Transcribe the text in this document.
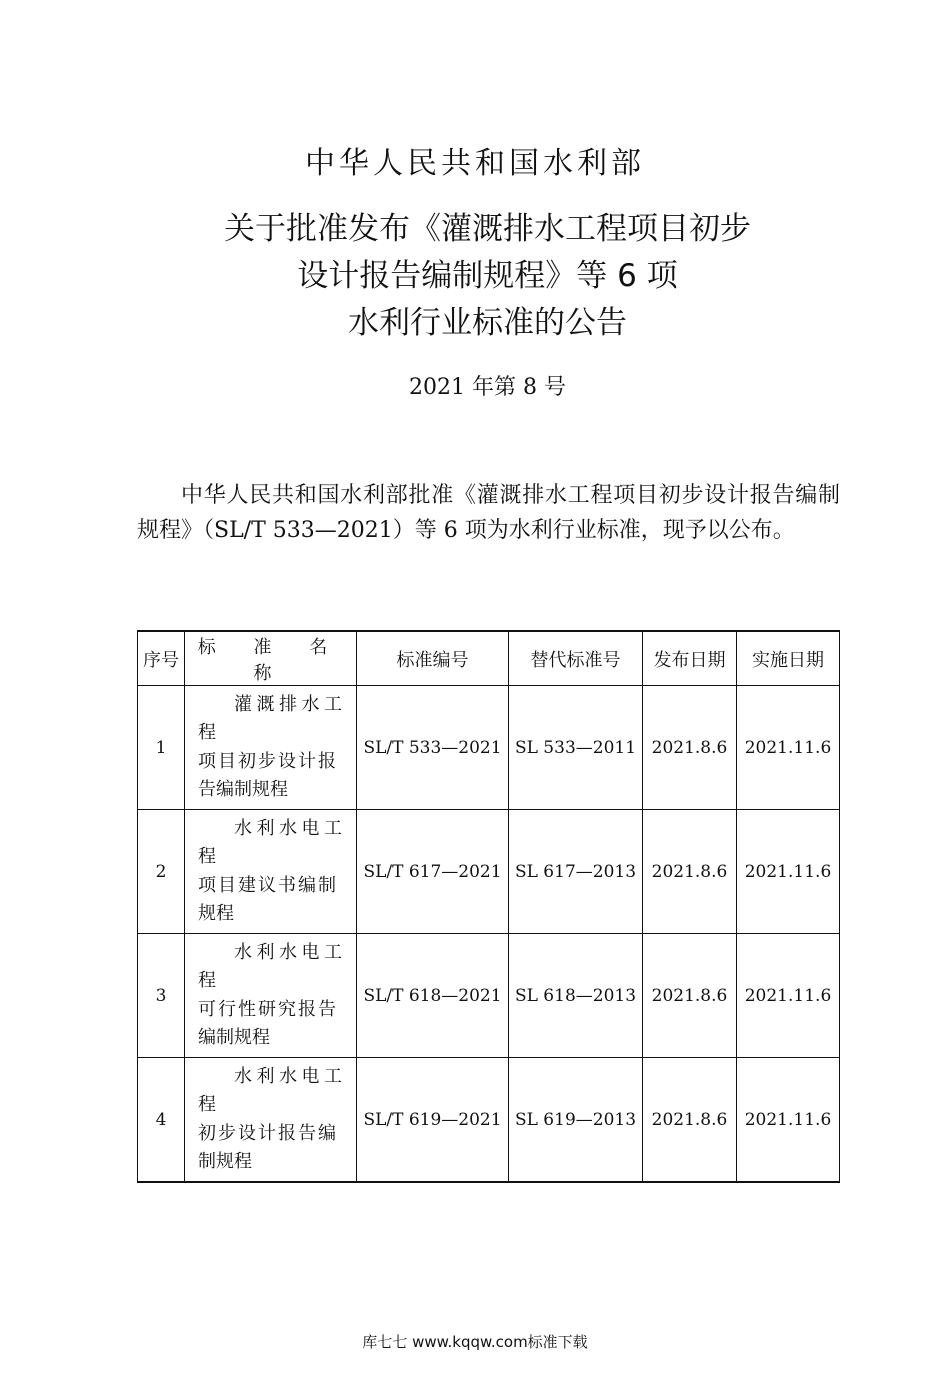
中华人民共和国水利部
关于批准发布《灌溉排水工程项目初步
设计报告编制规程》等 6 项
水利行业标准的公告
2021 年第 8 号

中华人民共和国水利部批准《灌溉排水工程项目初步设计报告编制规程》（SL/T 533—2021）等 6 项为水利行业标准，现予以公布。

序号	标 准 名 称	标准编号	替代标准号	发布日期	实施日期
1	灌溉排水工程
项目初步设计报
告编制规程	SL/T 533—2021	SL 533—2011	2021.8.6	2021.11.6
2	水利水电工程
项目建议书编制
规程	SL/T 617—2021	SL 617—2013	2021.8.6	2021.11.6
3	水利水电工程
可行性研究报告
编制规程	SL/T 618—2021	SL 618—2013	2021.8.6	2021.11.6
4	水利水电工程
初步设计报告编
制规程	SL/T 619—2021	SL 619—2013	2021.8.6	2021.11.6
库七七 www.kqqw.com标准下载
